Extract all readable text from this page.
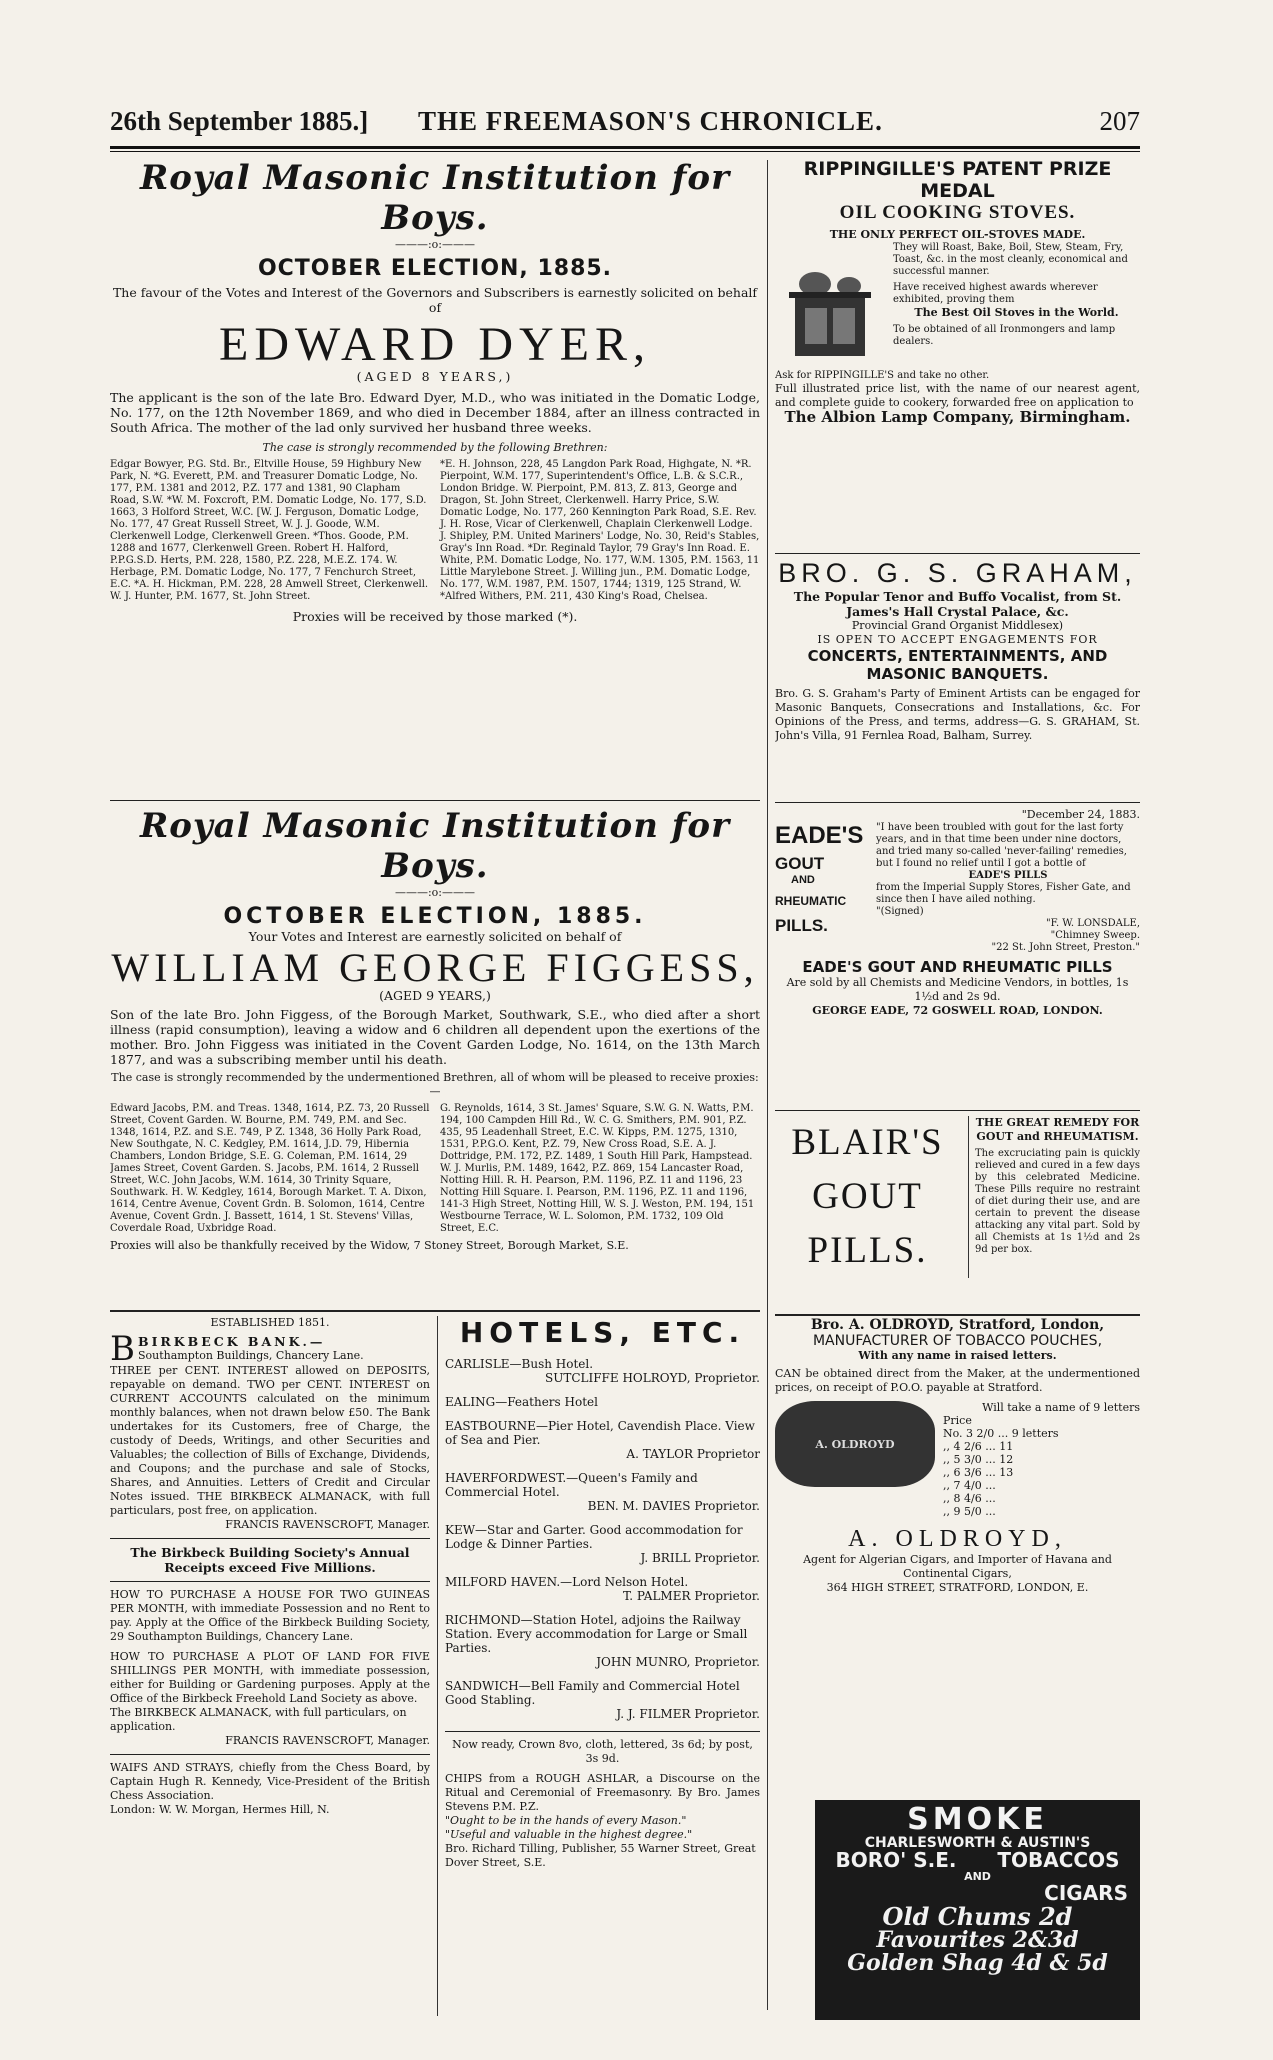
26th September 1885.] THE FREEMASON'S CHRONICLE.	207
Royal Masonic Institution for Boys.
———:o:———
OCTOBER ELECTION, 1885.
The favour of the Votes and Interest of the Governors and Subscribers is earnestly solicited on behalf of
EDWARD DYER,
(AGED 8 YEARS,)
The applicant is the son of the late Bro. Edward Dyer, M.D., who was initiated in the Domatic Lodge, No. 177, on the 12th November 1869, and who died in December 1884, after an illness contracted in South Africa. The mother of the lad only survived her husband three weeks.
The case is strongly recommended by the following Brethren:
Edgar Bowyer, P.G. Std. Br., Eltville House, 59 Highbury New Park, N. *G. Everett, P.M. and Treasurer Domatic Lodge, No. 177, P.M. 1381 and 2012, P.Z. 177 and 1381, 90 Clapham Road, S.W. *W. M. Foxcroft, P.M. Domatic Lodge, No. 177, S.D. 1663, 3 Holford Street, W.C. [W. J. Ferguson, Domatic Lodge, No. 177, 47 Great Russell Street, W. J. J. Goode, W.M. Clerkenwell Lodge, Clerkenwell Green. *Thos. Goode, P.M. 1288 and 1677, Clerkenwell Green. Robert H. Halford, P.P.G.S.D. Herts, P.M. 228, 1580, P.Z. 228, M.E.Z. 174. W. Herbage, P.M. Domatic Lodge, No. 177, 7 Fenchurch Street, E.C. *A. H. Hickman, P.M. 228, 28 Amwell Street, Clerkenwell. W. J. Hunter, P.M. 1677, St. John Street.
*E. H. Johnson, 228, 45 Langdon Park Road, Highgate, N. *R. Pierpoint, W.M. 177, Superintendent's Office, L.B. & S.C.R., London Bridge. W. Pierpoint, P.M. 813, Z. 813, George and Dragon, St. John Street, Clerkenwell. Harry Price, S.W. Domatic Lodge, No. 177, 260 Kennington Park Road, S.E. Rev. J. H. Rose, Vicar of Clerkenwell, Chaplain Clerkenwell Lodge. J. Shipley, P.M. United Mariners' Lodge, No. 30, Reid's Stables, Gray's Inn Road. *Dr. Reginald Taylor, 79 Gray's Inn Road. E. White, P.M. Domatic Lodge, No. 177, W.M. 1305, P.M. 1563, 11 Little Marylebone Street. J. Willing jun., P.M. Domatic Lodge, No. 177, W.M. 1987, P.M. 1507, 1744; 1319, 125 Strand, W. *Alfred Withers, P.M. 211, 430 King's Road, Chelsea.
Proxies will be received by those marked (*).
Royal Masonic Institution for Boys.
———:o:———
OCTOBER ELECTION, 1885.
Your Votes and Interest are earnestly solicited on behalf of
WILLIAM GEORGE FIGGESS,
(AGED 9 YEARS,)
Son of the late Bro. John Figgess, of the Borough Market, Southwark, S.E., who died after a short illness (rapid consumption), leaving a widow and 6 children all dependent upon the exertions of the mother. Bro. John Figgess was initiated in the Covent Garden Lodge, No. 1614, on the 13th March 1877, and was a subscribing member until his death.
The case is strongly recommended by the undermentioned Brethren, all of whom will be pleased to receive proxies:—
Edward Jacobs, P.M. and Treas. 1348, 1614, P.Z. 73, 20 Russell Street, Covent Garden. W. Bourne, P.M. 749, P.M. and Sec. 1348, 1614, P.Z. and S.E. 749, P Z. 1348, 36 Holly Park Road, New Southgate, N. C. Kedgley, P.M. 1614, J.D. 79, Hibernia Chambers, London Bridge, S.E. G. Coleman, P.M. 1614, 29 James Street, Covent Garden. S. Jacobs, P.M. 1614, 2 Russell Street, W.C. John Jacobs, W.M. 1614, 30 Trinity Square, Southwark. H. W. Kedgley, 1614, Borough Market. T. A. Dixon, 1614, Centre Avenue, Covent Grdn. B. Solomon, 1614, Centre Avenue, Covent Grdn. J. Bassett, 1614, 1 St. Stevens' Villas, Coverdale Road, Uxbridge Road.
G. Reynolds, 1614, 3 St. James' Square, S.W. G. N. Watts, P.M. 194, 100 Campden Hill Rd., W. C. G. Smithers, P.M. 901, P.Z. 435, 95 Leadenhall Street, E.C. W. Kipps, P.M. 1275, 1310, 1531, P.P.G.O. Kent, P.Z. 79, New Cross Road, S.E. A. J. Dottridge, P.M. 172, P.Z. 1489, 1 South Hill Park, Hampstead. W. J. Murlis, P.M. 1489, 1642, P.Z. 869, 154 Lancaster Road, Notting Hill. R. H. Pearson, P.M. 1196, P.Z. 11 and 1196, 23 Notting Hill Square. I. Pearson, P.M. 1196, P.Z. 11 and 1196, 141-3 High Street, Notting Hill, W. S. J. Weston, P.M. 194, 151 Westbourne Terrace, W. L. Solomon, P.M. 1732, 109 Old Street, E.C.
Proxies will also be thankfully received by the Widow, 7 Stoney Street, Borough Market, S.E.
ESTABLISHED 1851.
B BIRKBECK BANK.—
Southampton Buildings, Chancery Lane.
THREE per CENT. INTEREST allowed on DEPOSITS, repayable on demand. TWO per CENT. INTEREST on CURRENT ACCOUNTS calculated on the minimum monthly balances, when not drawn below £50. The Bank undertakes for its Customers, free of Charge, the custody of Deeds, Writings, and other Securities and Valuables; the collection of Bills of Exchange, Dividends, and Coupons; and the purchase and sale of Stocks, Shares, and Annuities. Letters of Credit and Circular Notes issued. THE BIRKBECK ALMANACK, with full particulars, post free, on application.
FRANCIS RAVENSCROFT, Manager.
The Birkbeck Building Society's Annual Receipts exceed Five Millions.
HOW TO PURCHASE A HOUSE FOR TWO GUINEAS PER MONTH, with immediate Possession and no Rent to pay. Apply at the Office of the Birkbeck Building Society, 29 Southampton Buildings, Chancery Lane.
HOW TO PURCHASE A PLOT OF LAND FOR FIVE SHILLINGS PER MONTH, with immediate possession, either for Building or Gardening purposes. Apply at the Office of the Birkbeck Freehold Land Society as above.
The BIRKBECK ALMANACK, with full particulars, on application.
FRANCIS RAVENSCROFT, Manager.
WAIFS AND STRAYS, chiefly from the Chess Board, by Captain Hugh R. Kennedy, Vice-President of the British Chess Association.
London: W. W. Morgan, Hermes Hill, N.
HOTELS, ETC.
CARLISLE—Bush Hotel.
SUTCLIFFE HOLROYD, Proprietor.
EALING—Feathers Hotel
EASTBOURNE—Pier Hotel, Cavendish Place. View of Sea and Pier.
A. TAYLOR Proprietor
HAVERFORDWEST.—Queen's Family and Commercial Hotel.
BEN. M. DAVIES Proprietor.
KEW—Star and Garter. Good accommodation for Lodge & Dinner Parties.
J. BRILL Proprietor.
MILFORD HAVEN.—Lord Nelson Hotel.
T. PALMER Proprietor.
RICHMOND—Station Hotel, adjoins the Railway Station. Every accommodation for Large or Small Parties.
JOHN MUNRO, Proprietor.
SANDWICH—Bell Family and Commercial Hotel Good Stabling.
J. J. FILMER Proprietor.
Now ready, Crown 8vo, cloth, lettered, 3s 6d; by post, 3s 9d.
CHIPS from a ROUGH ASHLAR, a Discourse on the Ritual and Ceremonial of Freemasonry. By Bro. James Stevens P.M. P.Z.
"Ought to be in the hands of every Mason."
"Useful and valuable in the highest degree."
Bro. Richard Tilling, Publisher, 55 Warner Street, Great Dover Street, S.E.
RIPPINGILLE'S PATENT PRIZE MEDAL
OIL COOKING STOVES.
THE ONLY PERFECT OIL-STOVES MADE.
They will Roast, Bake, Boil, Stew, Steam, Fry, Toast, &c. in the most cleanly, economical and successful manner.
Have received highest awards wherever exhibited, proving them
The Best Oil Stoves in the World.
To be obtained of all Ironmongers and lamp dealers.
Ask for RIPPINGILLE'S and take no other.
Full illustrated price list, with the name of our nearest agent, and complete guide to cookery, forwarded free on application to
The Albion Lamp Company, Birmingham.
BRO. G. S. GRAHAM,
The Popular Tenor and Buffo Vocalist, from St. James's Hall Crystal Palace, &c.
Provincial Grand Organist Middlesex)
IS OPEN TO ACCEPT ENGAGEMENTS FOR
CONCERTS, ENTERTAINMENTS, AND MASONIC BANQUETS.
Bro. G. S. Graham's Party of Eminent Artists can be engaged for Masonic Banquets, Consecrations and Installations, &c. For Opinions of the Press, and terms, address—G. S. GRAHAM, St. John's Villa, 91 Fernlea Road, Balham, Surrey.
"December 24, 1883.
EADE'S
GOUT
AND
RHEUMATIC
PILLS.
"I have been troubled with gout for the last forty years, and in that time been under nine doctors, and tried many so-called 'never-failing' remedies, but I found no relief until I got a bottle of
EADE'S PILLS
from the Imperial Supply Stores, Fisher Gate, and since then I have ailed nothing.
"(Signed)
"F. W. LONSDALE,
"Chimney Sweep.
"22 St. John Street, Preston."
EADE'S GOUT AND RHEUMATIC PILLS
Are sold by all Chemists and Medicine Vendors, in bottles, 1s 1½d and 2s 9d.
GEORGE EADE, 72 GOSWELL ROAD, LONDON.
BLAIR'S
GOUT
PILLS.
THE GREAT REMEDY FOR GOUT and RHEUMATISM.
The excruciating pain is quickly relieved and cured in a few days by this celebrated Medicine. These Pills require no restraint of diet during their use, and are certain to prevent the disease attacking any vital part. Sold by all Chemists at 1s 1½d and 2s 9d per box.
Bro. A. OLDROYD, Stratford, London,
MANUFACTURER OF TOBACCO POUCHES,
With any name in raised letters.
CAN be obtained direct from the Maker, at the undermentioned prices, on receipt of P.O.O. payable at Stratford.
A. OLDROYD
Will take a name of 9 letters
Price
No. 3 2/0 ... 9 letters
,, 4 2/6 ... 11
,, 5 3/0 ... 12
,, 6 3/6 ... 13
,, 7 4/0 ...
,, 8 4/6 ...
,, 9 5/0 ...
A. OLDROYD,
Agent for Algerian Cigars, and Importer of Havana and Continental Cigars,
364 HIGH STREET, STRATFORD, LONDON, E.
SMOKE
CHARLESWORTH & AUSTIN'S
BORO' S.E. TOBACCOS
AND
CIGARS
Old Chums 2d
Favourites 2&3d
Golden Shag 4d & 5d
